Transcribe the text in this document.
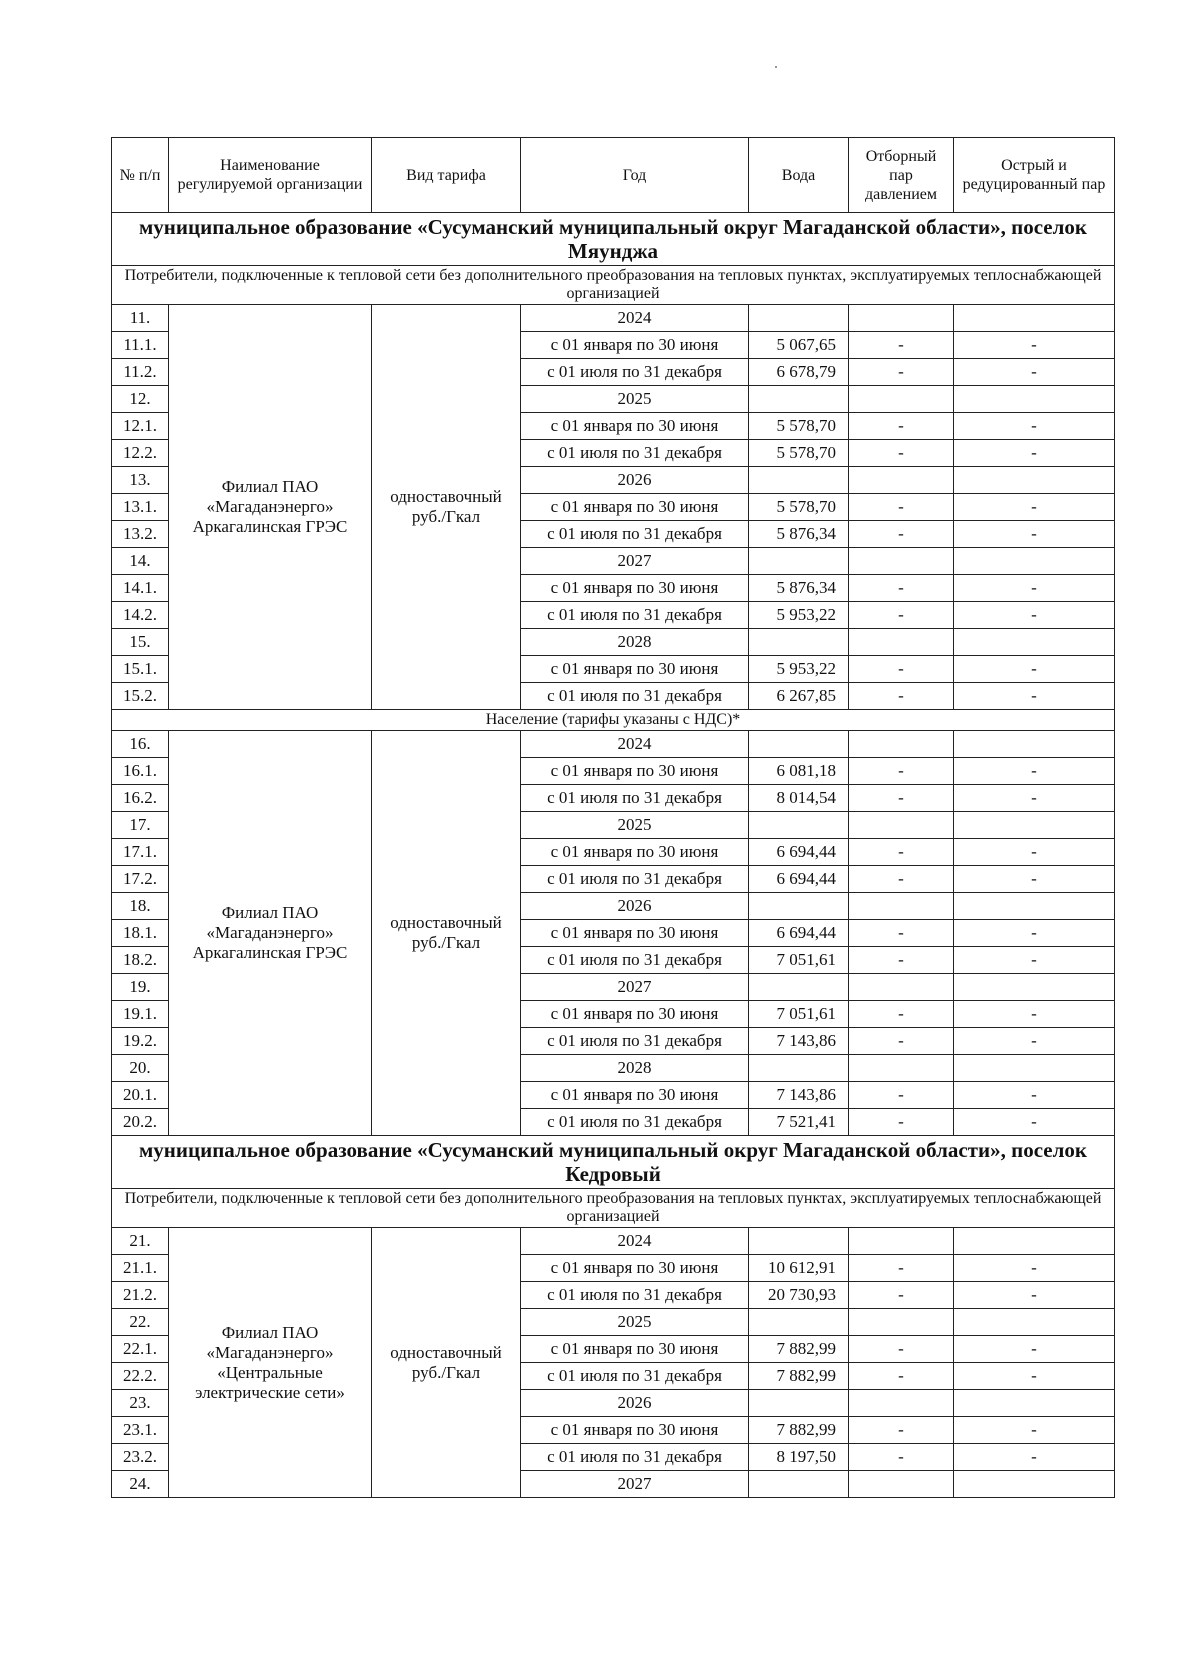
№ п/п	Наименование регулируемой организации	Вид тарифа	Год	Вода	Отборный пар давлением	Острый и редуцированный пар
муниципальное образование «Сусуманский муниципальный округ Магаданской области», поселок Мяунджа						
Потребители, подключенные к тепловой сети без дополнительного преобразования на тепловых пунктах, эксплуатируемых теплоснабжающей организацией						
11.	Филиал ПАО «Магаданэнерго» Аркагалинская ГРЭС	одноставочный руб./Гкал	2024			
11.1.			с 01 января по 30 июня	5 067,65	-	-
11.2.			с 01 июля по 31 декабря	6 678,79	-	-
12.			2025			
12.1.			с 01 января по 30 июня	5 578,70	-	-
12.2.			с 01 июля по 31 декабря	5 578,70	-	-
13.			2026			
13.1.			с 01 января по 30 июня	5 578,70	-	-
13.2.			с 01 июля по 31 декабря	5 876,34	-	-
14.			2027			
14.1.			с 01 января по 30 июня	5 876,34	-	-
14.2.			с 01 июля по 31 декабря	5 953,22	-	-
15.			2028			
15.1.			с 01 января по 30 июня	5 953,22	-	-
15.2.			с 01 июля по 31 декабря	6 267,85	-	-
Население (тарифы указаны с НДС)*						
16.	Филиал ПАО «Магаданэнерго» Аркагалинская ГРЭС	одноставочный руб./Гкал	2024			
16.1.			с 01 января по 30 июня	6 081,18	-	-
16.2.			с 01 июля по 31 декабря	8 014,54	-	-
17.			2025			
17.1.			с 01 января по 30 июня	6 694,44	-	-
17.2.			с 01 июля по 31 декабря	6 694,44	-	-
18.			2026			
18.1.			с 01 января по 30 июня	6 694,44	-	-
18.2.			с 01 июля по 31 декабря	7 051,61	-	-
19.			2027			
19.1.			с 01 января по 30 июня	7 051,61	-	-
19.2.			с 01 июля по 31 декабря	7 143,86	-	-
20.			2028			
20.1.			с 01 января по 30 июня	7 143,86	-	-
20.2.			с 01 июля по 31 декабря	7 521,41	-	-
муниципальное образование «Сусуманский муниципальный округ Магаданской области», поселок Кедровый						
Потребители, подключенные к тепловой сети без дополнительного преобразования на тепловых пунктах, эксплуатируемых теплоснабжающей организацией						
21.	Филиал ПАО «Магаданэнерго» «Центральные электрические сети»	одноставочный руб./Гкал	2024			
21.1.			с 01 января по 30 июня	10 612,91	-	-
21.2.			с 01 июля по 31 декабря	20 730,93	-	-
22.			2025			
22.1.			с 01 января по 30 июня	7 882,99	-	-
22.2.			с 01 июля по 31 декабря	7 882,99	-	-
23.			2026			
23.1.			с 01 января по 30 июня	7 882,99	-	-
23.2.			с 01 июля по 31 декабря	8 197,50	-	-
24.			2027			
